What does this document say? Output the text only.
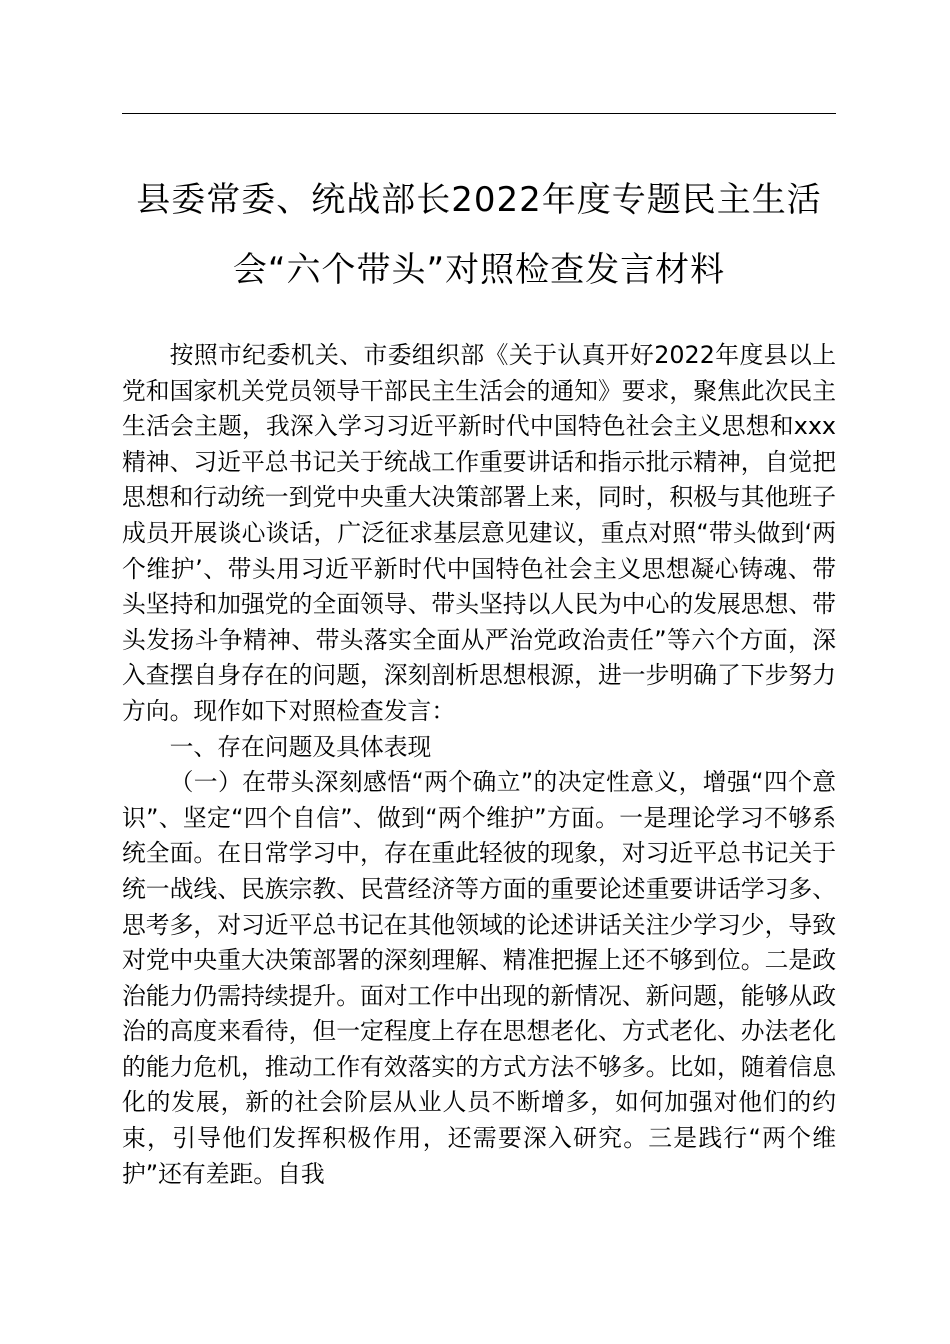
县委常委、统战部长2022年度专题民主生活
会“六个带头”对照检查发言材料

按照市纪委机关、市委组织部《关于认真开好2022年度县以上党和国家机关党员领导干部民主生活会的通知》要求，聚焦此次民主生活会主题，我深入学习习近平新时代中国特色社会主义思想和xxx精神、习近平总书记关于统战工作重要讲话和指示批示精神，自觉把思想和行动统一到党中央重大决策部署上来，同时，积极与其他班子成员开展谈心谈话，广泛征求基层意见建议，重点对照“带头做到‘两个维护’、带头用习近平新时代中国特色社会主义思想凝心铸魂、带头坚持和加强党的全面领导、带头坚持以人民为中心的发展思想、带头发扬斗争精神、带头落实全面从严治党政治责任”等六个方面，深入查摆自身存在的问题，深刻剖析思想根源，进一步明确了下步努力方向。现作如下对照检查发言：

一、存在问题及具体表现

（一）在带头深刻感悟“两个确立”的决定性意义，增强“四个意识”、坚定“四个自信”、做到“两个维护”方面。一是理论学习不够系统全面。在日常学习中，存在重此轻彼的现象，对习近平总书记关于统一战线、民族宗教、民营经济等方面的重要论述重要讲话学习多、思考多，对习近平总书记在其他领域的论述讲话关注少学习少，导致对党中央重大决策部署的深刻理解、精准把握上还不够到位。二是政治能力仍需持续提升。面对工作中出现的新情况、新问题，能够从政治的高度来看待，但一定程度上存在思想老化、方式老化、办法老化的能力危机，推动工作有效落实的方式方法不够多。比如，随着信息化的发展，新的社会阶层从业人员不断增多，如何加强对他们的约束，引导他们发挥积极作用，还需要深入研究。三是践行“两个维护”还有差距。自我
